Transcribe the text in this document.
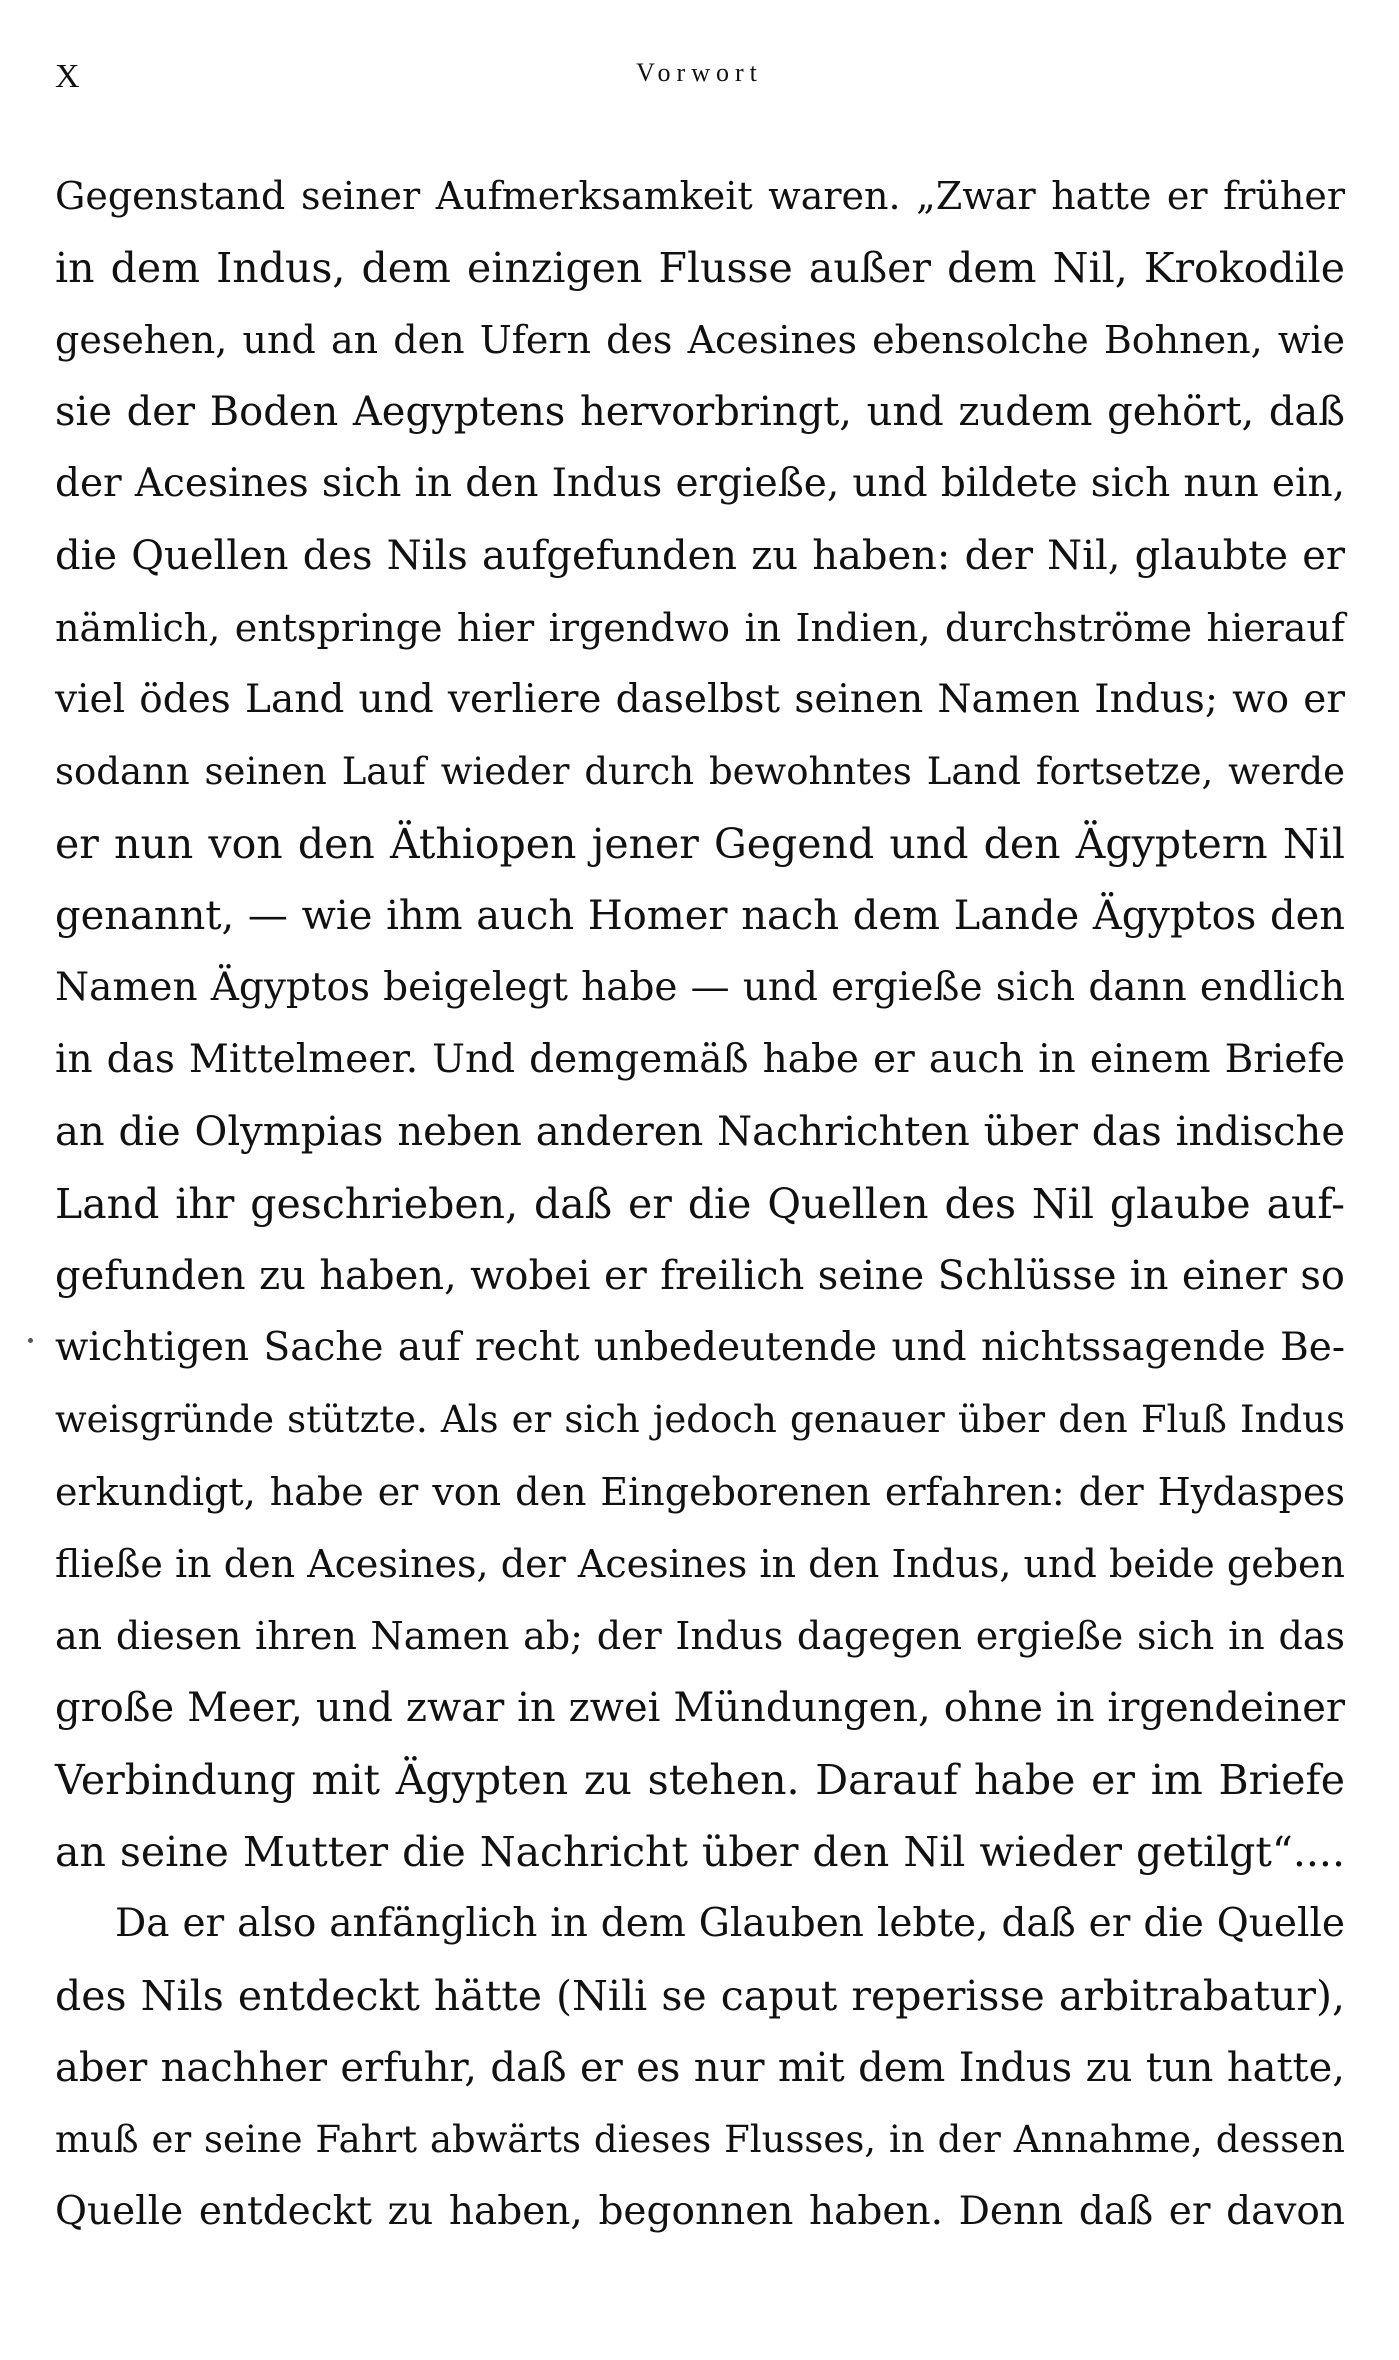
X	Vorwort
Gegenstand seiner Aufmerksamkeit waren. „Zwar hatte er früher
in dem Indus, dem einzigen Flusse außer dem Nil, Krokodile
gesehen, und an den Ufern des Acesines ebensolche Bohnen, wie
sie der Boden Aegyptens hervorbringt, und zudem gehört, daß
der Acesines sich in den Indus ergieße, und bildete sich nun ein,
die Quellen des Nils aufgefunden zu haben: der Nil, glaubte er
nämlich, entspringe hier irgendwo in Indien, durchströme hierauf
viel ödes Land und verliere daselbst seinen Namen Indus; wo er
sodann seinen Lauf wieder durch bewohntes Land fortsetze, werde
er nun von den Äthiopen jener Gegend und den Ägyptern Nil
genannt, — wie ihm auch Homer nach dem Lande Ägyptos den
Namen Ägyptos beigelegt habe — und ergieße sich dann endlich
in das Mittelmeer. Und demgemäß habe er auch in einem Briefe
an die Olympias neben anderen Nachrichten über das indische
Land ihr geschrieben, daß er die Quellen des Nil glaube auf-
gefunden zu haben, wobei er freilich seine Schlüsse in einer so
wichtigen Sache auf recht unbedeutende und nichtssagende Be-
weisgründe stützte. Als er sich jedoch genauer über den Fluß Indus
erkundigt, habe er von den Eingeborenen erfahren: der Hydaspes
fließe in den Acesines, der Acesines in den Indus, und beide geben
an diesen ihren Namen ab; der Indus dagegen ergieße sich in das
große Meer, und zwar in zwei Mündungen, ohne in irgendeiner
Verbindung mit Ägypten zu stehen. Darauf habe er im Briefe
an seine Mutter die Nachricht über den Nil wieder getilgt“....
Da er also anfänglich in dem Glauben lebte, daß er die Quelle
des Nils entdeckt hätte (Nili se caput reperisse arbitrabatur),
aber nachher erfuhr, daß er es nur mit dem Indus zu tun hatte,
muß er seine Fahrt abwärts dieses Flusses, in der Annahme, dessen
Quelle entdeckt zu haben, begonnen haben. Denn daß er davon
